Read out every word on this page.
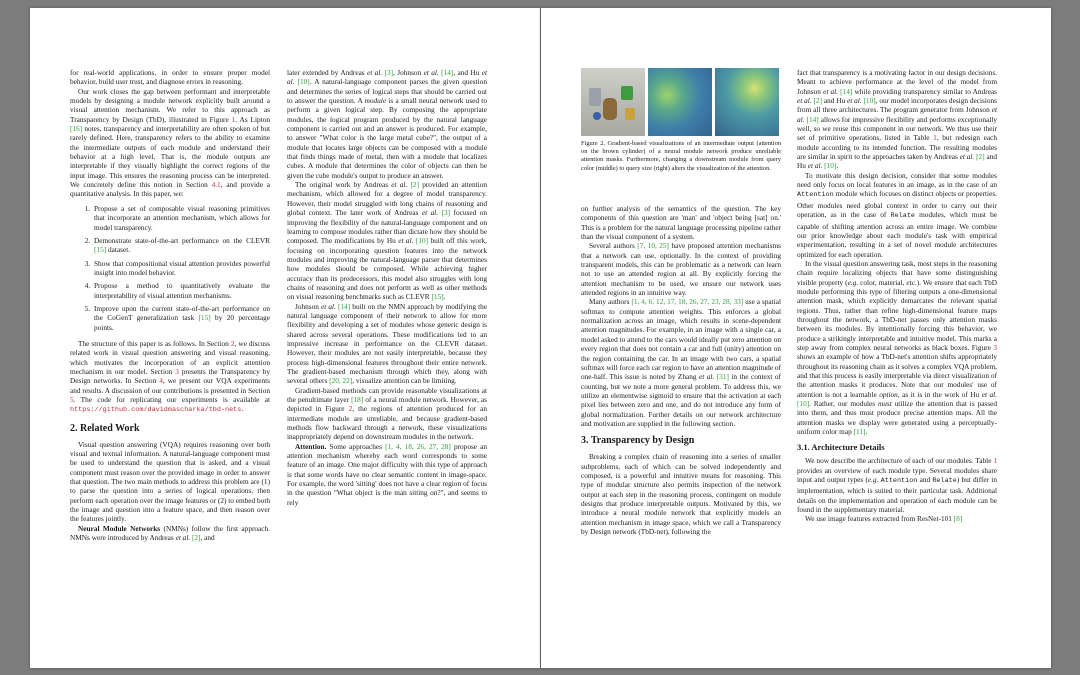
for real-world applications, in order to ensure proper model behavior, build user trust, and diagnose errors in reasoning.

Our work closes the gap between performant and interpretable models by designing a module network explicitly built around a visual attention mechanism. We refer to this approach as Transparency by Design (TbD), illustrated in Figure 1. As Lipton [16] notes, transparency and interpretability are often spoken of but rarely defined. Here, transparency refers to the ability to examine the intermediate outputs of each module and understand their behavior at a high level. That is, the module outputs are interpretable if they visually highlight the correct regions of the input image. This ensures the reasoning process can be interpreted. We concretely define this notion in Section 4.1, and provide a quantitative analysis. In this paper, we:

1. Propose a set of composable visual reasoning primitives that incorporate an attention mechanism, which allows for model transparency.
2. Demonstrate state-of-the-art performance on the CLEVR [15] dataset.
3. Show that compositional visual attention provides powerful insight into model behavior.
4. Propose a method to quantitatively evaluate the interpretability of visual attention mechanisms.
5. Improve upon the current state-of-the-art performance on the CoGenT generalization task [15] by 20 percentage points.

The structure of this paper is as follows. In Section 2, we discuss related work in visual question answering and visual reasoning, which motivates the incorporation of an explicit attention mechanism in our model. Section 3 presents the Transparency by Design networks. In Section 4, we present our VQA experiments and results. A discussion of our contributions is presented in Section 5. The code for replicating our experiments is available at https://github.com/davidmascharka/tbd-nets.

2. Related Work

Visual question answering (VQA) requires reasoning over both visual and textual information. A natural-language component must be used to understand the question that is asked, and a visual component must reason over the provided image in order to answer that question. The two main methods to address this problem are (1) to parse the question into a series of logical operations, then perform each operation over the image features or (2) to embed both the image and question into a feature space, and then reason over the features jointly.

Neural Module Networks (NMNs) follow the first approach. NMNs were introduced by Andreas et al. [2], and

later extended by Andreas et al. [3], Johnson et al. [14], and Hu et al. [10]. A natural-language component parses the given question and determines the series of logical steps that should be carried out to answer the question. A module is a small neural network used to perform a given logical step. By composing the appropriate modules, the logical program produced by the natural language component is carried out and an answer is produced. For example, to answer "What color is the large metal cube?", the output of a module that locates large objects can be composed with a module that finds things made of metal, then with a module that localizes cubes. A module that determines the color of objects can then be given the cube module's output to produce an answer.

The original work by Andreas et al. [2] provided an attention mechanism, which allowed for a degree of model transparency. However, their model struggled with long chains of reasoning and global context. The later work of Andreas et al. [3] focused on improving the flexibility of the natural-language component and on learning to compose modules rather than dictate how they should be composed. The modifications by Hu et al. [10] built off this work, focusing on incorporating question features into the network modules and improving the natural-language parser that determines how modules should be composed. While achieving higher accuracy than its predecessors, this model also struggles with long chains of reasoning and does not perform as well as other methods on visual reasoning benchmarks such as CLEVR [15].

Johnson et al. [14] built on the NMN approach by modifying the natural language component of their network to allow for more flexibility and developing a set of modules whose generic design is shared across several operations. These modifications led to an impressive increase in performance on the CLEVR dataset. However, their modules are not easily interpretable, because they process high-dimensional features throughout their entire network. The gradient-based mechanism through which they, along with several others [20, 22], visualize attention can be limiting.

Gradient-based methods can provide reasonable visualizations at the penultimate layer [18] of a neural module network. However, as depicted in Figure 2, the regions of attention produced for an intermediate module are unreliable, and because gradient-based methods flow backward through a network, these visualizations inappropriately depend on downstream modules in the network.

Attention. Some approaches [1, 4, 18, 26, 27, 28] propose an attention mechanism whereby each word corresponds to some feature of an image. One major difficulty with this type of approach is that some words have no clear semantic content in image-space. For example, the word 'sitting' does not have a clear region of focus in the question "What object is the man sitting on?", and seems to rely

Figure 2. Gradient-based visualizations of an intermediate output (attention on the brown cylinder) of a neural module network produce unreliable attention masks. Furthermore, changing a downstream module from query color (middle) to query size (right) alters the visualization of the attention.

on further analysis of the semantics of the question. The key components of this question are 'man' and 'object being [sat] on.' This is a problem for the natural language processing pipeline rather than the visual component of a system.

Several authors [7, 10, 25] have proposed attention mechanisms that a network can use, optionally. In the context of providing transparent models, this can be problematic as a network can learn not to use an attended region at all. By explicitly forcing the attention mechanism to be used, we ensure our network uses attended regions in an intuitive way.

Many authors [1, 4, 6, 12, 17, 18, 26, 27, 23, 28, 33] use a spatial softmax to compute attention weights. This enforces a global normalization across an image, which results in scene-dependent attention magnitudes. For example, in an image with a single car, a model asked to attend to the cars would ideally put zero attention on every region that does not contain a car and full (unity) attention on the region containing the car. In an image with two cars, a spatial softmax will force each car region to have an attention magnitude of one-half. This issue is noted by Zhang et al. [31] in the context of counting, but we note a more general problem. To address this, we utilize an elementwise sigmoid to ensure that the activation at each pixel lies between zero and one, and do not introduce any form of global normalization. Further details on our network architecture and motivation are supplied in the following section.

3. Transparency by Design

Breaking a complex chain of reasoning into a series of smaller subproblems, each of which can be solved independently and composed, is a powerful and intuitive means for reasoning. This type of modular structure also permits inspection of the network output at each step in the reasoning process, contingent on module designs that produce interpretable outputs. Motivated by this, we introduce a neural module network that explicitly models an attention mechanism in image space, which we call a Transparency by Design network (TbD-net), following the

fact that transparency is a motivating factor in our design decisions. Meant to achieve performance at the level of the model from Johnson et al. [14] while providing transparency similar to Andreas et al. [2] and Hu et al. [10], our model incorporates design decisions from all three architectures. The program generator from Johnson et al. [14] allows for impressive flexibility and performs exceptionally well, so we reuse this component in our network. We thus use their set of primitive operations, listed in Table 1, but redesign each module according to its intended function. The resulting modules are similar in spirit to the approaches taken by Andreas et al. [2] and Hu et al. [10].

To motivate this design decision, consider that some modules need only focus on local features in an image, as in the case of an Attention module which focuses on distinct objects or properties. Other modules need global context in order to carry out their operation, as in the case of Relate modules, which must be capable of shifting attention across an entire image. We combine our prior knowledge about each module's task with empirical experimentation, resulting in a set of novel module architectures optimized for each operation.

In the visual question answering task, most steps in the reasoning chain require localizing objects that have some distinguishing visible property (e.g. color, material, etc.). We ensure that each TbD module performing this type of filtering outputs a one-dimensional attention mask, which explicitly demarcates the relevant spatial regions. Thus, rather than refine high-dimensional feature maps throughout the network, a TbD-net passes only attention masks between its modules. By intentionally forcing this behavior, we produce a strikingly interpretable and intuitive model. This marks a step away from complex neural networks as black boxes. Figure 3 shows an example of how a TbD-net's attention shifts appropriately throughout its reasoning chain as it solves a complex VQA problem, and that this process is easily interpretable via direct visualization of the attention masks it produces. Note that our modules' use of attention is not a learnable option, as it is in the work of Hu et al. [10]. Rather, our modules must utilize the attention that is passed into them, and thus must produce precise attention maps. All the attention masks we display were generated using a perceptually-uniform color map [11].

3.1. Architecture Details

We now describe the architecture of each of our modules. Table 1 provides an overview of each module type. Several modules share input and output types (e.g. Attention and Relate) but differ in implementation, which is suited to their particular task. Additional details on the implementation and operation of each module can be found in the supplementary material.

We use image features extracted from ResNet-101 [8]
